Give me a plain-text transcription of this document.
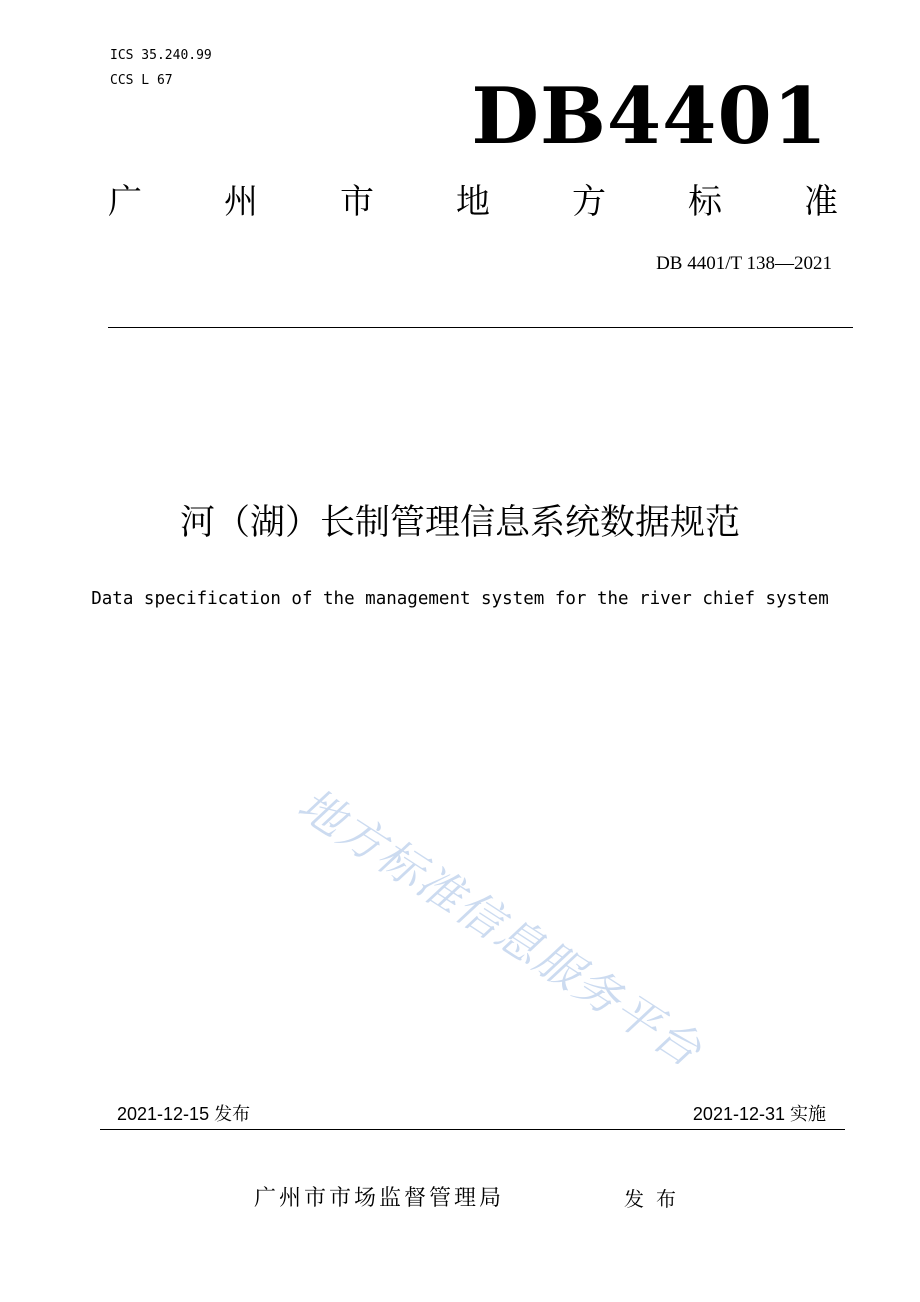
ICS 35.240.99
CCS L 67	DB4401
广 州 市 地 方 标 准
DB 4401/T 138—2021
河（湖）长制管理信息系统数据规范
Data specification of the management system for the river chief system
地方标准信息服务平台
2021-12-15 发布	2021-12-31 实施
广州市市场监督管理局	发布
